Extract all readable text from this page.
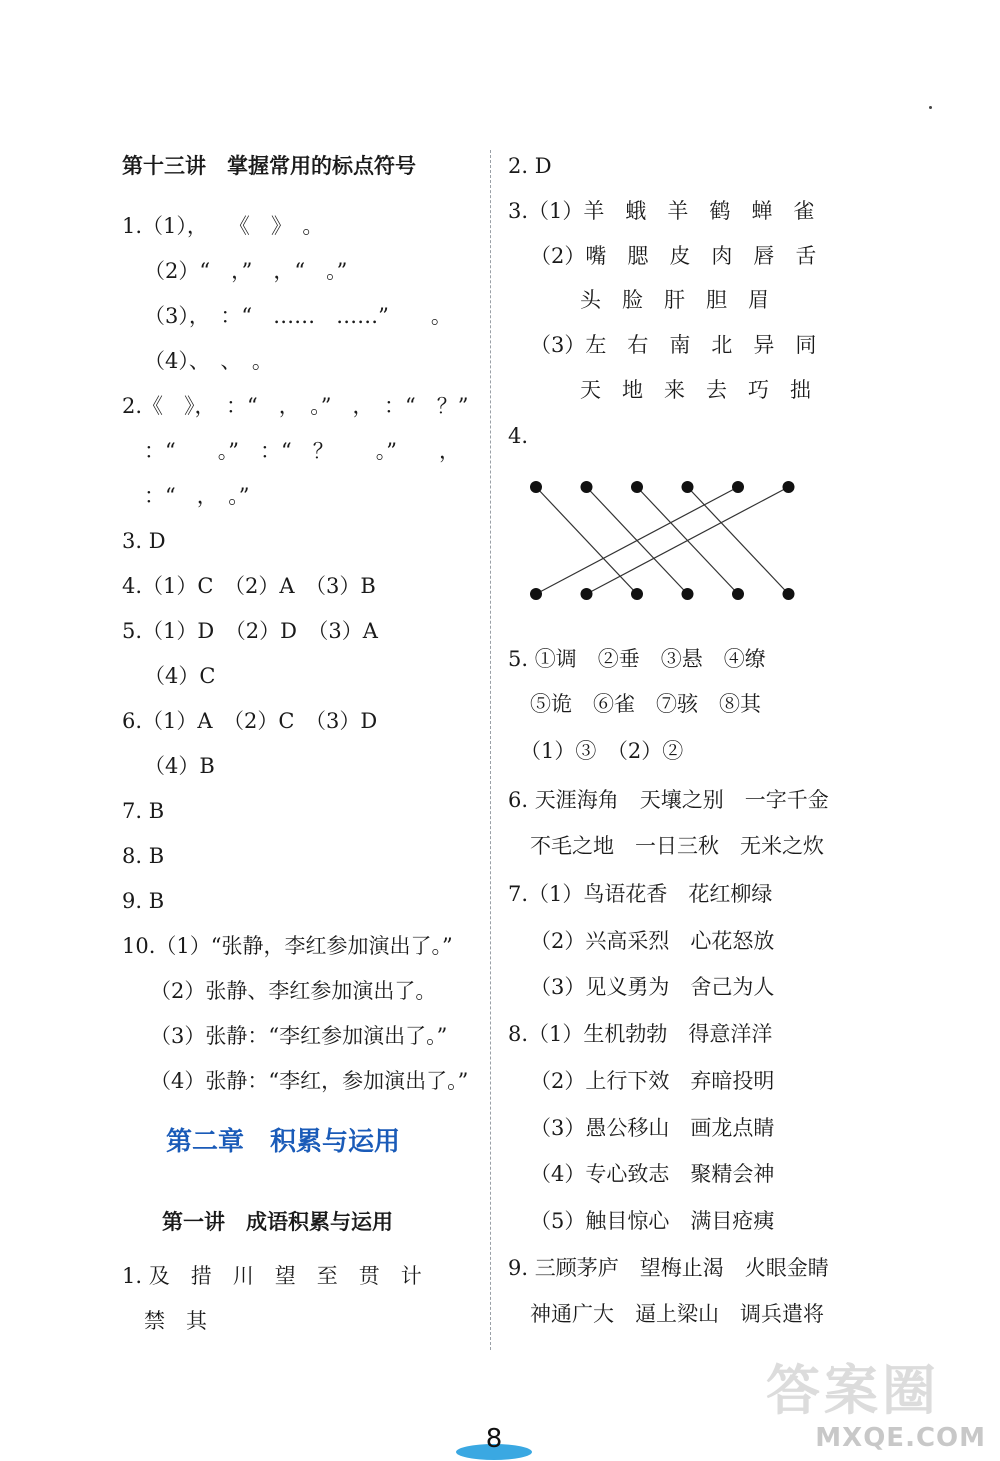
第十三讲　掌握常用的标点符号
1.（1），　　《　》　。
（2）“　，”　，“　。”
（3），　：“　……　……”　　。
（4）、　、　。
2.《　》，　：“　，　。”　，　：“　？”
：“　　。”　：“　？　　。”　　，
：“　，　。”
3. D
4.（1）C　（2）A　（3）B
5.（1）D　（2）D　（3）A
（4）C
6.（1）A　（2）C　（3）D
（4）B
7. B
8. B
9. B
10.（1）“张静，李红参加演出了。”
（2）张静、李红参加演出了。
（3）张静：“李红参加演出了。”
（4）张静：“李红，参加演出了。”
第二章　积累与运用
第一讲　成语积累与运用
1. 及　措　川　望　至　贯　计
禁　其
2. D
3.（1）羊　蛾　羊　鹤　蝉　雀
（2）嘴　腮　皮　肉　唇　舌
头　脸　肝　胆　眉
（3）左　右　南　北　异　同
天　地　来　去　巧　拙
4.
5. ①调　②垂　③悬　④缭
⑤诡　⑥雀　⑦骇　⑧其
（1）③　（2）②
6. 天涯海角　天壤之别　一字千金
不毛之地　一日三秋　无米之炊
7.（1）鸟语花香　花红柳绿
（2）兴高采烈　心花怒放
（3）见义勇为　舍己为人
8.（1）生机勃勃　得意洋洋
（2）上行下效　弃暗投明
（3）愚公移山　画龙点睛
（4）专心致志　聚精会神
（5）触目惊心　满目疮痍
9. 三顾茅庐　望梅止渴　火眼金睛
神通广大　逼上梁山　调兵遣将
8
答案圈
MXQE.COM
